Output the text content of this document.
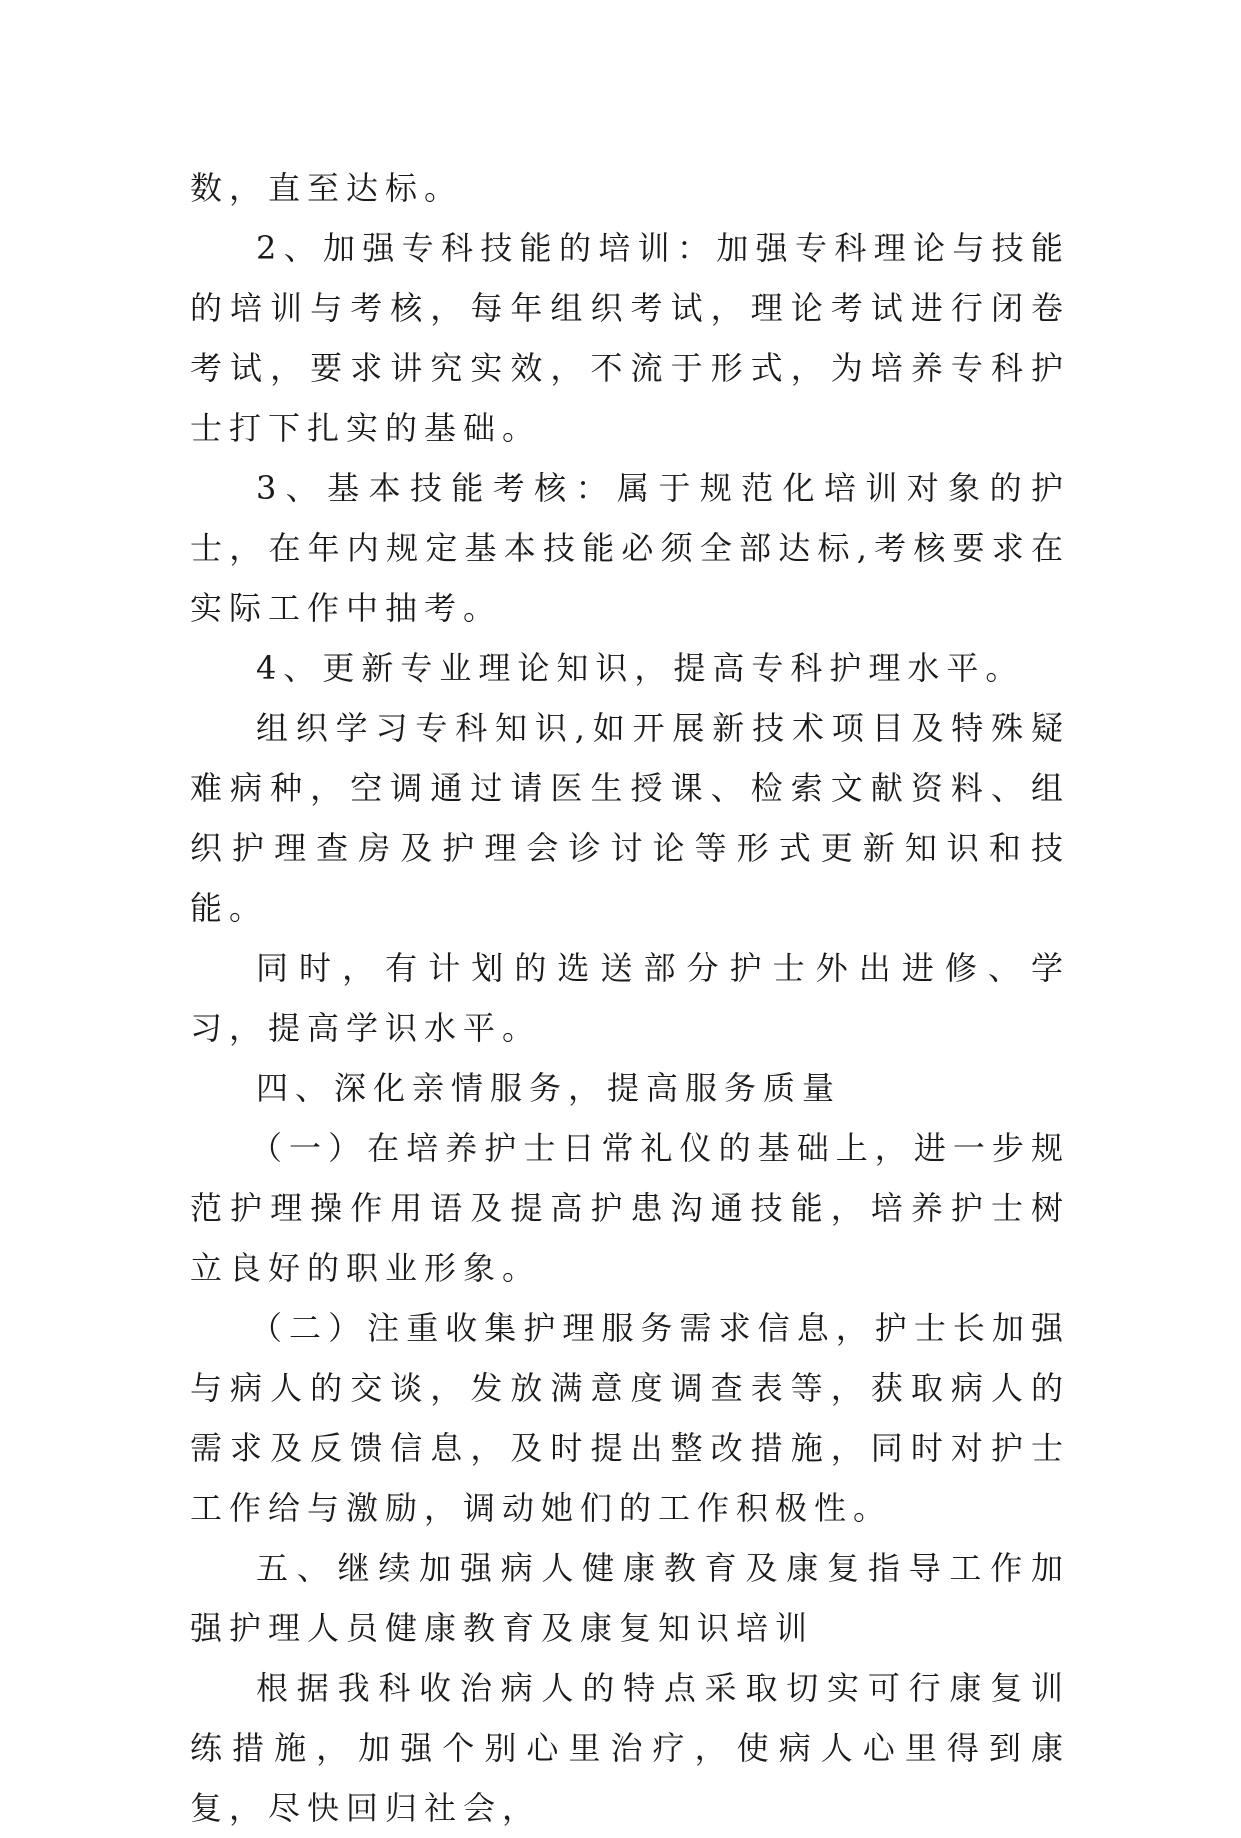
数，直至达标。

2、加强专科技能的培训：加强专科理论与技能的培训与考核，每年组织考试，理论考试进行闭卷考试，要求讲究实效，不流于形式，为培养专科护士打下扎实的基础。

3、基本技能考核：属于规范化培训对象的护士，在年内规定基本技能必须全部达标,考核要求在实际工作中抽考。

4、更新专业理论知识，提高专科护理水平。

组织学习专科知识,如开展新技术项目及特殊疑难病种，空调通过请医生授课、检索文献资料、组织护理查房及护理会诊讨论等形式更新知识和技能。

同时，有计划的选送部分护士外出进修、学习，提高学识水平。

四、深化亲情服务，提高服务质量

（一）在培养护士日常礼仪的基础上，进一步规范护理操作用语及提高护患沟通技能，培养护士树立良好的职业形象。

（二）注重收集护理服务需求信息，护士长加强与病人的交谈，发放满意度调查表等，获取病人的需求及反馈信息，及时提出整改措施，同时对护士工作给与激励，调动她们的工作积极性。

五、继续加强病人健康教育及康复指导工作加强护理人员健康教育及康复知识培训

根据我科收治病人的特点采取切实可行康复训练措施，加强个别心里治疗，使病人心里得到康复，尽快回归社会，
